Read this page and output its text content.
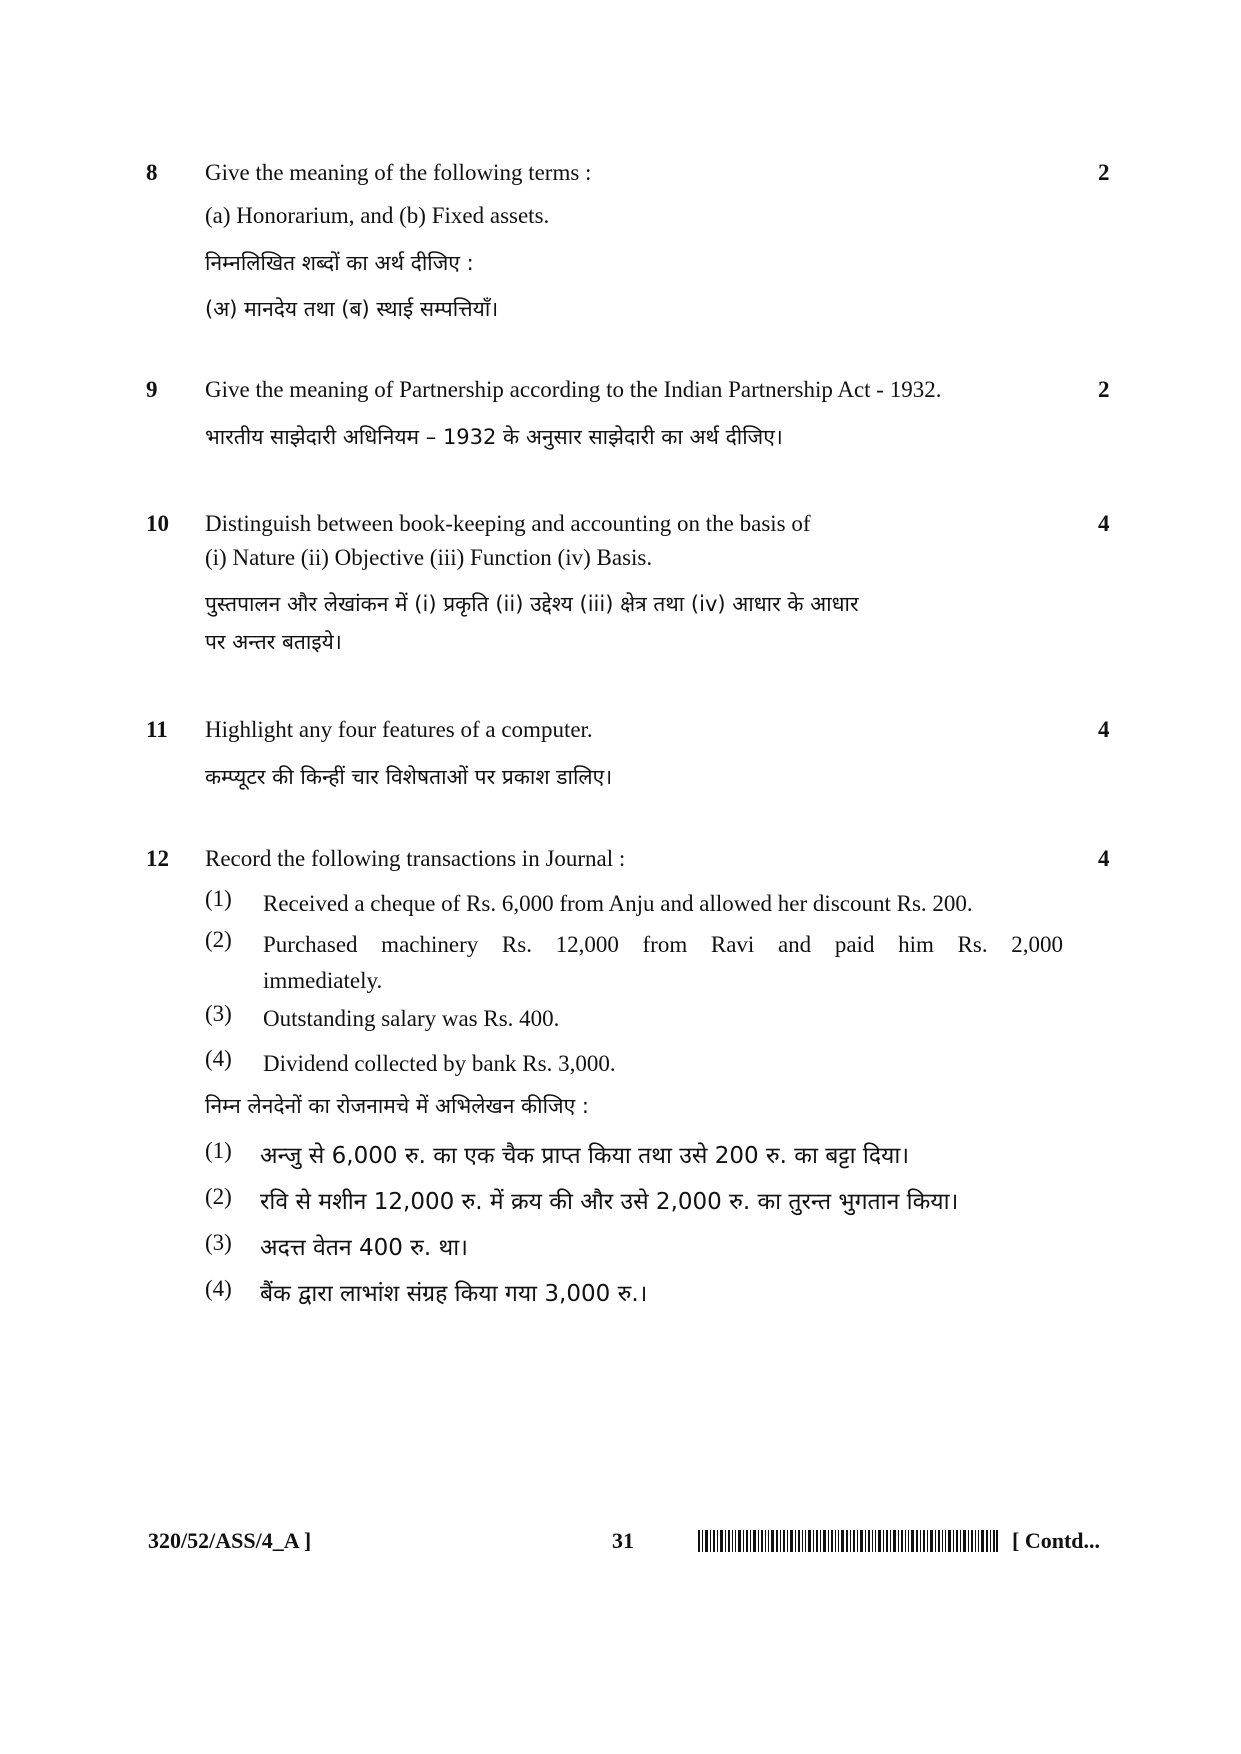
8	2
Give the meaning of the following terms :
(a) Honorarium, and (b) Fixed assets.
निम्नलिखित शब्दों का अर्थ दीजिए :
(अ) मानदेय तथा (ब) स्थाई सम्पत्तियाँ।
9	2
Give the meaning of Partnership according to the Indian Partnership Act - 1932.
भारतीय साझेदारी अधिनियम – 1932 के अनुसार साझेदारी का अर्थ दीजिए।
10	4
Distinguish between book-keeping and accounting on the basis of
(i) Nature (ii) Objective (iii) Function (iv) Basis.
पुस्तपालन और लेखांकन में (i) प्रकृति (ii) उद्देश्य (iii) क्षेत्र तथा (iv) आधार के आधार
पर अन्तर बताइये।
11	4
Highlight any four features of a computer.
कम्प्यूटर की किन्हीं चार विशेषताओं पर प्रकाश डालिए।
12	4
Record the following transactions in Journal :
(1) Received a cheque of Rs. 6,000 from Anju and allowed her discount Rs. 200.
(2) Purchased machinery Rs. 12,000 from Ravi and paid him Rs. 2,000 immediately.
(3) Outstanding salary was Rs. 400.
(4) Dividend collected by bank Rs. 3,000.
निम्न लेनदेनों का रोजनामचे में अभिलेखन कीजिए :
(1) अन्जु से 6,000 रु. का एक चैक प्राप्त किया तथा उसे 200 रु. का बट्टा दिया।
(2) रवि से मशीन 12,000 रु. में क्रय की और उसे 2,000 रु. का तुरन्त भुगतान किया।
(3) अदत्त वेतन 400 रु. था।
(4) बैंक द्वारा लाभांश संग्रह किया गया 3,000 रु.।
320/52/ASS/4_A ]	31	[ Contd...
